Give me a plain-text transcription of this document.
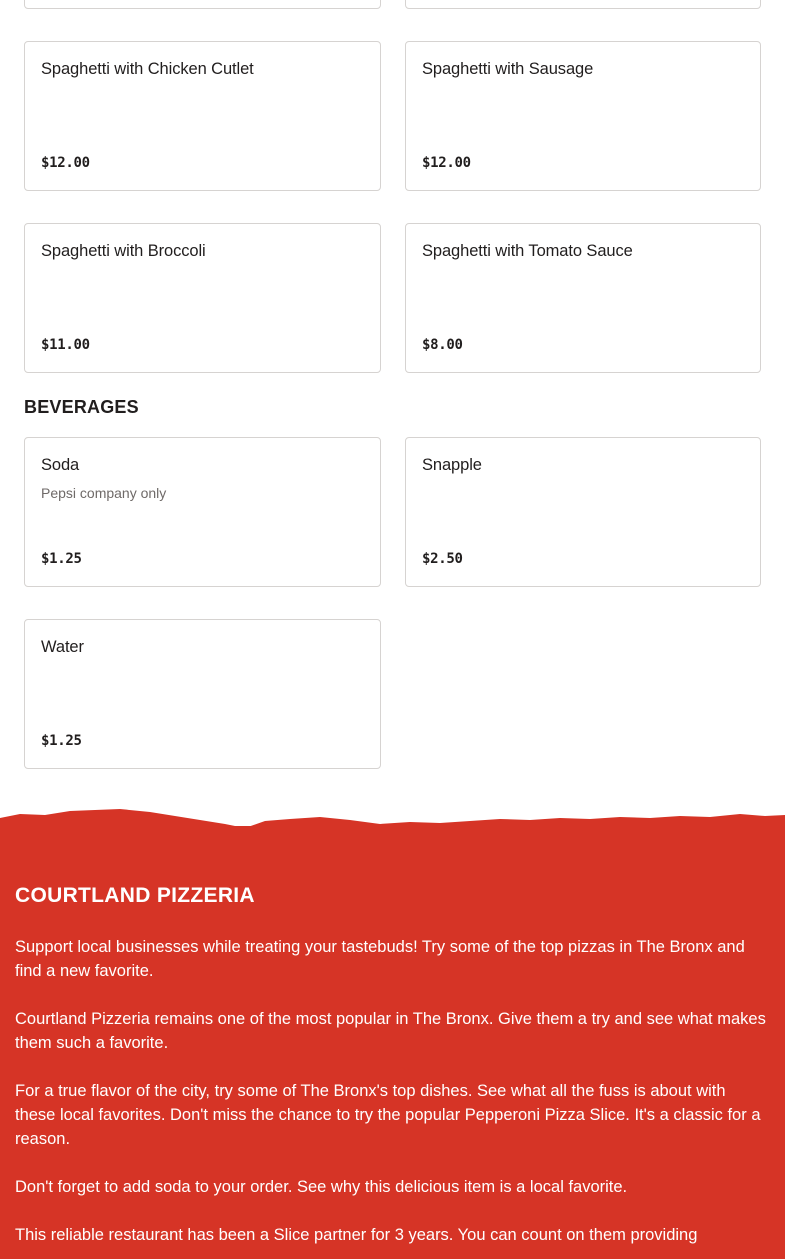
Spaghetti with Chicken Cutlet
$12.00
Spaghetti with Sausage
$12.00
Spaghetti with Broccoli
$11.00
Spaghetti with Tomato Sauce
$8.00
BEVERAGES
Soda
Pepsi company only
$1.25
Snapple
$2.50
Water
$1.25
COURTLAND PIZZERIA

Support local businesses while treating your tastebuds! Try some of the top pizzas in The Bronx and find a new favorite.

Courtland Pizzeria remains one of the most popular in The Bronx. Give them a try and see what makes them such a favorite.

For a true flavor of the city, try some of The Bronx's top dishes. See what all the fuss is about with these local favorites. Don't miss the chance to try the popular Pepperoni Pizza Slice. It's a classic for a reason.

Don't forget to add soda to your order. See why this delicious item is a local favorite.

This reliable restaurant has been a Slice partner for 3 years. You can count on them providing
